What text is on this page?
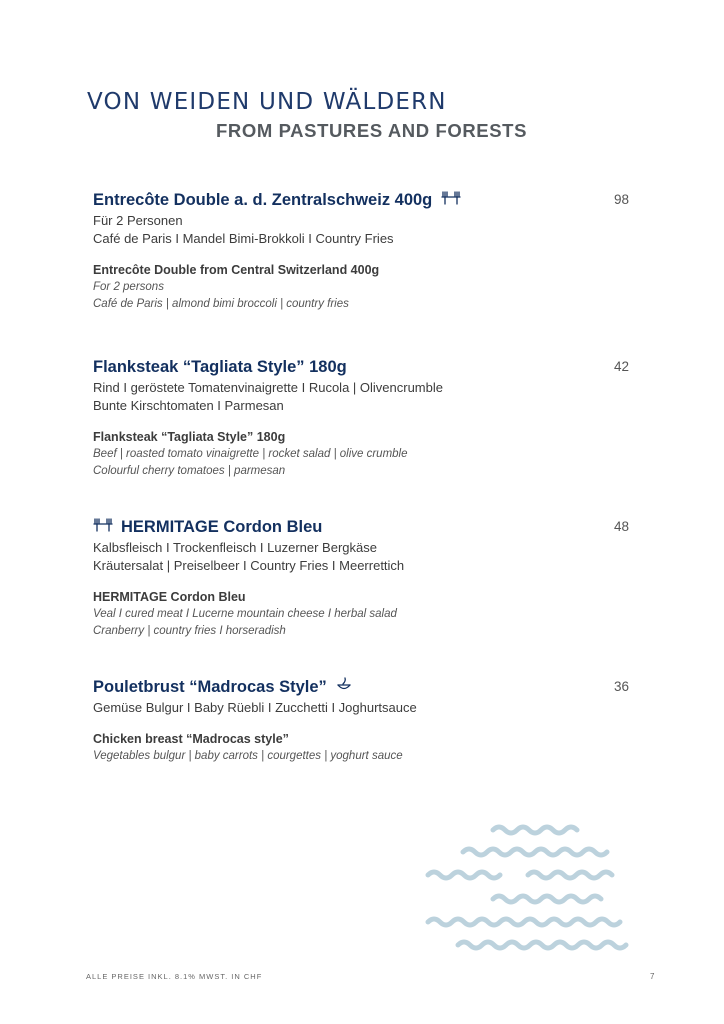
VON WEIDEN UND WÄLDERN
FROM PASTURES AND FORESTS
Entrecôte Double a. d. Zentralschweiz 400g	98
Für 2 Personen
Café de Paris I Mandel Bimi-Brokkoli I Country Fries
Entrecôte Double from Central Switzerland 400g
For 2 persons
Café de Paris | almond bimi broccoli | country fries
Flanksteak “Tagliata Style” 180g	42
Rind I geröstete Tomatenvinaigrette I Rucola | Olivencrumble
Bunte Kirschtomaten I Parmesan
Flanksteak “Tagliata Style” 180g
Beef | roasted tomato vinaigrette | rocket salad | olive crumble
Colourful cherry tomatoes | parmesan
HERMITAGE Cordon Bleu	48
Kalbsfleisch I Trockenfleisch I Luzerner Bergkäse
Kräutersalat | Preiselbeer I Country Fries I Meerrettich
HERMITAGE Cordon Bleu
Veal I cured meat I Lucerne mountain cheese I herbal salad
Cranberry | country fries I horseradish
Pouletbrust “Madrocas Style”	36
Gemüse Bulgur I Baby Rüebli I Zucchetti I Joghurtsauce
Chicken breast “Madrocas style”
Vegetables bulgur | baby carrots | courgettes | yoghurt sauce
ALLE PREISE INKL. 8.1% MWST. IN CHF	7
